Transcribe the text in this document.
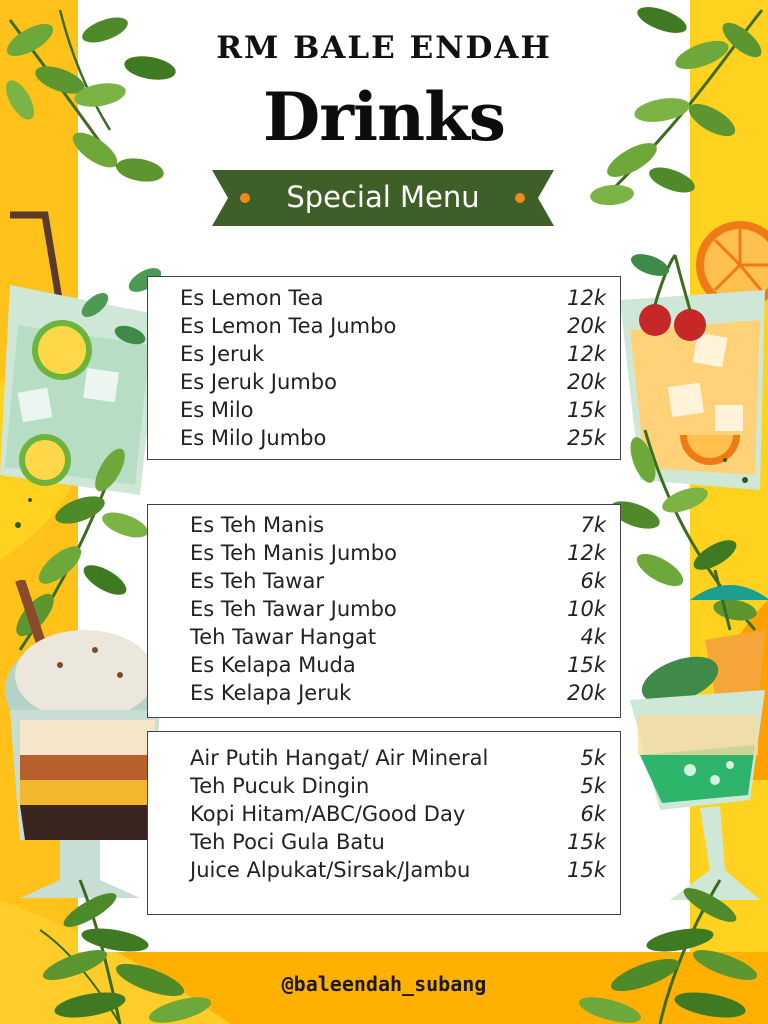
RM BALE ENDAH
Drinks
Special Menu
Es Lemon Tea	12k
Es Lemon Tea Jumbo	20k
Es Jeruk	12k
Es Jeruk Jumbo	20k
Es Milo	15k
Es Milo Jumbo	25k
Es Teh Manis	7k
Es Teh Manis Jumbo	12k
Es Teh Tawar	6k
Es Teh Tawar Jumbo	10k
Teh Tawar Hangat	4k
Es Kelapa Muda	15k
Es Kelapa Jeruk	20k
Air Putih Hangat/ Air Mineral	5k
Teh Pucuk Dingin	5k
Kopi Hitam/ABC/Good Day	6k
Teh Poci Gula Batu	15k
Juice Alpukat/Sirsak/Jambu	15k
@baleendah_subang
